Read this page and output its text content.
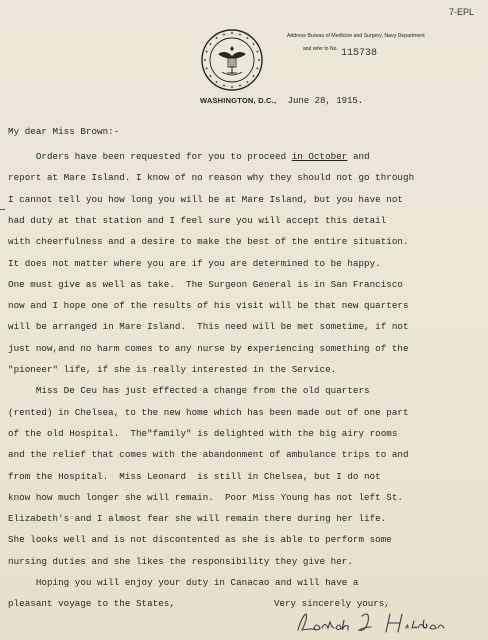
7-EPL
Address Bureau of Medicine and Surgery, Navy Department
and refer to No. 115738
WASHINGTON, D.C., June 28, 1915.
My dear Miss Brown:-
Orders have been requested for you to proceed in October and
report at Mare Island. I know of no reason why they should not go through
I cannot tell you how long you will be at Mare Island, but you have not
had duty at that station and I feel sure you will accept this detail
with cheerfulness and a desire to make the best of the entire situation.
It does not matter where you are if you are determined to be happy.
One must give as well as take.  The Surgeon General is in San Francisco
now and I hope one of the results of his visit will be that new quarters
will be arranged in Mare Island.  This need will be met sometime, if not
just now,and no harm comes to any nurse by experiencing something of the
"pioneer" life, if she is really interested in the Service.
Miss De Ceu has just effected a change from the old quarters
(rented) in Chelsea, to the new home which has been made out of one part
of the old Hospital.  The"family" is delighted with the big airy rooms
and the relief that comes with the abandonment of ambulance trips to and
from the Hospital.  Miss Leonard  is still in Chelsea, but I do not
know how much longer she will remain.  Poor Miss Young has not left St.
Elizabeth's and I almost fear she will remain there during her life.
She looks well and is not discontented as she is able to perform some
nursing duties and she likes the responsibility they give her.
Hoping you will enjoy your duty in Canacao and will have a
pleasant voyage to the States,	Very sincerely yours,
